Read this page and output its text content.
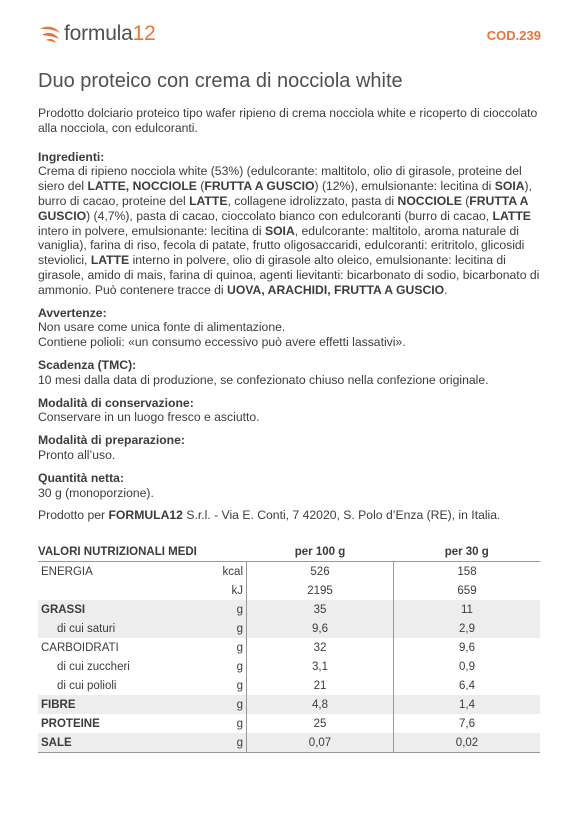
formula12	COD.239
Duo proteico con crema di nocciola white

Prodotto dolciario proteico tipo wafer ripieno di crema nocciola white e ricoperto di cioccolato alla nocciola, con edulcoranti.

Ingredienti:
Crema di ripieno nocciola white (53%) (edulcorante: maltitolo, olio di girasole, proteine del siero del LATTE, NOCCIOLE (FRUTTA A GUSCIO) (12%), emulsionante: lecitina di SOIA), burro di cacao, proteine del LATTE, collagene idrolizzato, pasta di NOCCIOLE (FRUTTA A GUSCIO) (4,7%), pasta di cacao, cioccolato bianco con edulcoranti (burro di cacao, LATTE intero in polvere, emulsionante: lecitina di SOIA, edulcorante: maltitolo, aroma naturale di vaniglia), farina di riso, fecola di patate, frutto oligosaccaridi, edulcoranti: eritritolo, glicosidi steviolici, LATTE interno in polvere, olio di girasole alto oleico, emulsionante: lecitina di girasole, amido di mais, farina di quinoa, agenti lievitanti: bicarbonato di sodio, bicarbonato di ammonio. Può contenere tracce di UOVA, ARACHIDI, FRUTTA A GUSCIO.
Avvertenze:
Non usare come unica fonte di alimentazione.
Contiene polioli: «un consumo eccessivo può avere effetti lassativi».
Scadenza (TMC):
10 mesi dalla data di produzione, se confezionato chiuso nella confezione originale.
Modalità di conservazione:
Conservare in un luogo fresco e asciutto.
Modalità di preparazione:
Pronto all’uso.
Quantità netta:
30 g (monoporzione).

Prodotto per FORMULA12 S.r.l. - Via E. Conti, 7 42020, S. Polo d’Enza (RE), in Italia.

VALORI NUTRIZIONALI MEDI		per 100 g	per 30 g
ENERGIA	kcal	526	158
	kJ	2195	659
GRASSI	g	35	11
di cui saturi	g	9,6	2,9
CARBOIDRATI	g	32	9,6
di cui zuccheri	g	3,1	0,9
di cui polioli	g	21	6,4
FIBRE	g	4,8	1,4
PROTEINE	g	25	7,6
SALE	g	0,07	0,02
